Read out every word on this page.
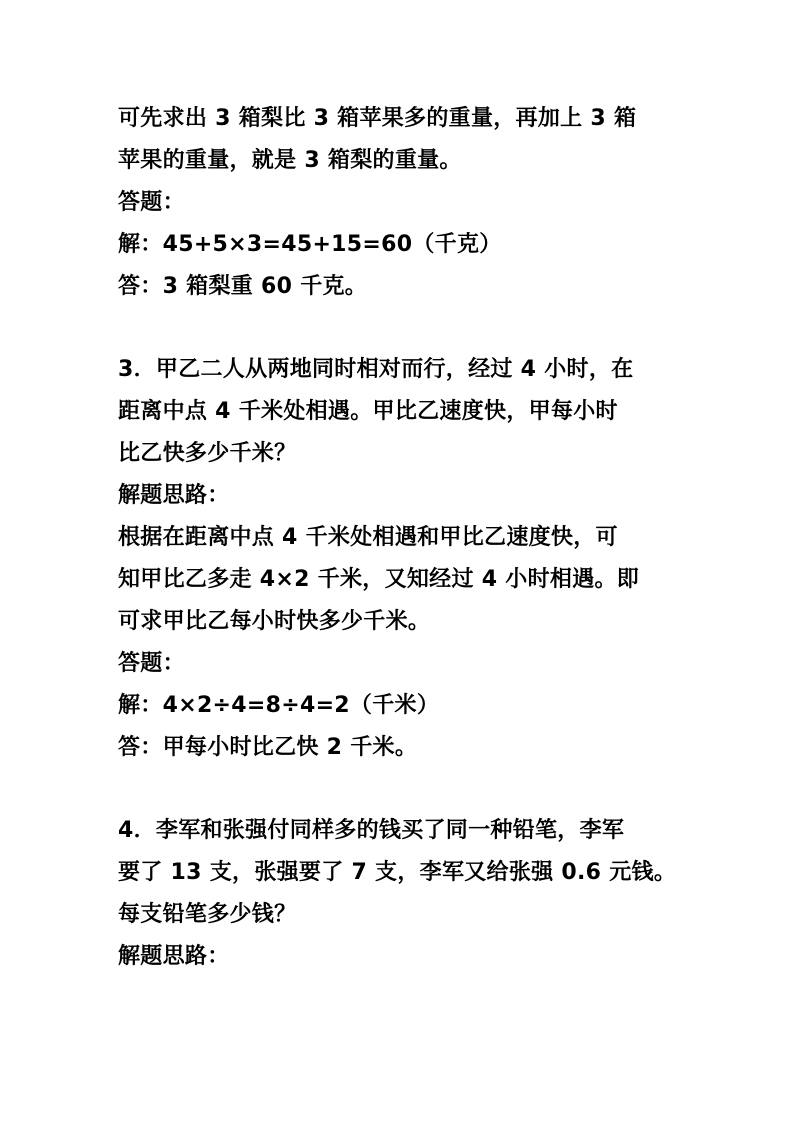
可先求出 3 箱梨比 3 箱苹果多的重量，再加上 3 箱
苹果的重量，就是 3 箱梨的重量。
答题：
解：45+5×3=45+15=60（千克）
答：3 箱梨重 60 千克。
3．甲乙二人从两地同时相对而行，经过 4 小时，在
距离中点 4 千米处相遇。甲比乙速度快，甲每小时
比乙快多少千米？
解题思路：
根据在距离中点 4 千米处相遇和甲比乙速度快，可
知甲比乙多走 4×2 千米，又知经过 4 小时相遇。即
可求甲比乙每小时快多少千米。
答题：
解：4×2÷4=8÷4=2（千米）
答：甲每小时比乙快 2 千米。
4．李军和张强付同样多的钱买了同一种铅笔，李军
要了 13 支，张强要了 7 支，李军又给张强 0.6 元钱。
每支铅笔多少钱？
解题思路：
